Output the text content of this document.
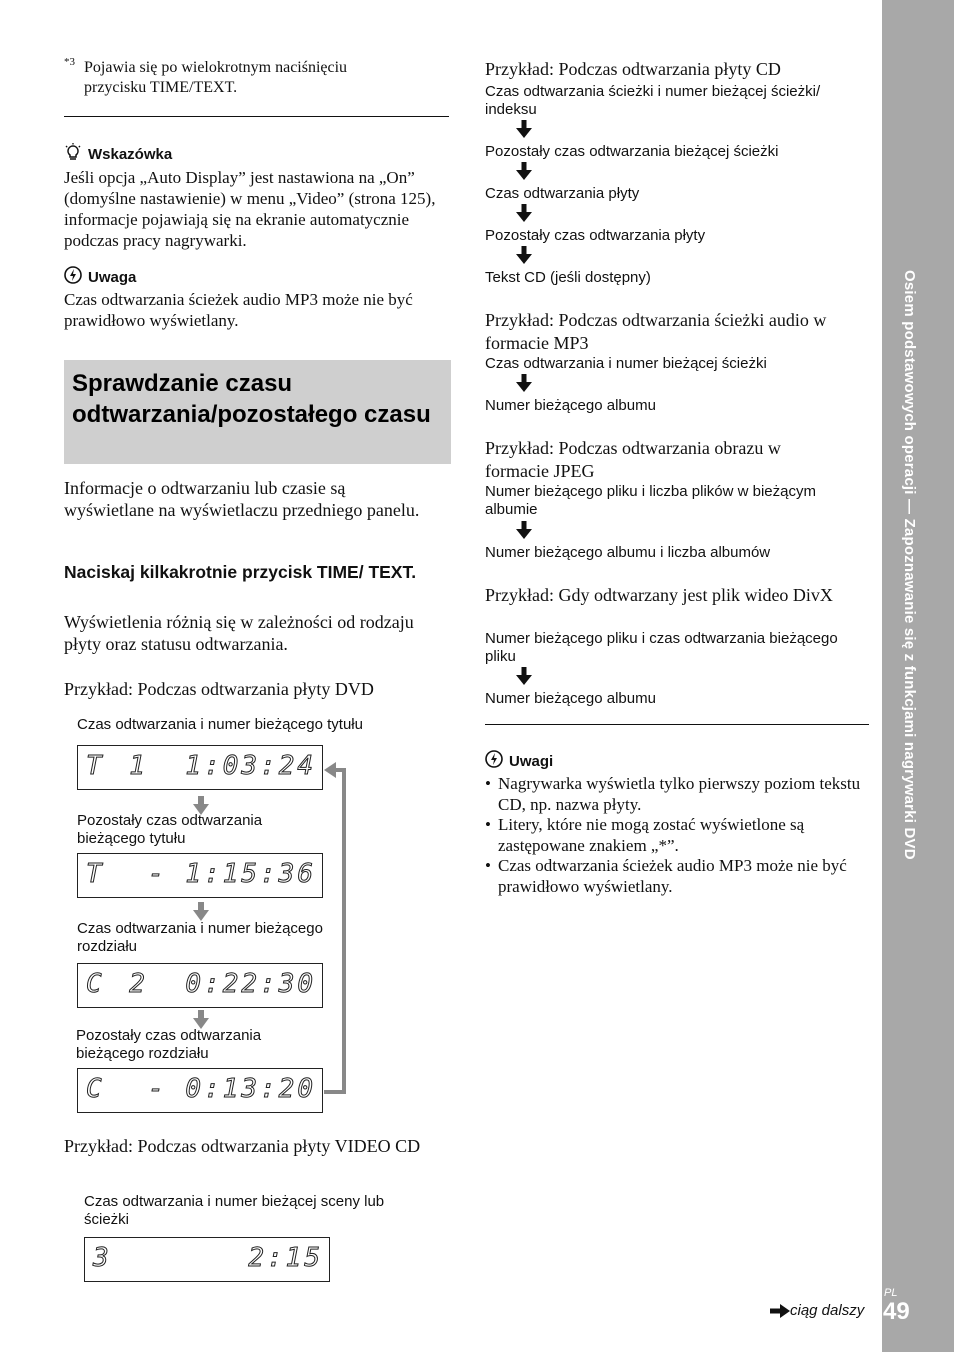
*3 Pojawia się po wielokrotnym naciśnięciu przycisku TIME/TEXT.
Wskazówka
Jeśli opcja „Auto Display” jest nastawiona na „On” (domyślne nastawienie) w menu „Video” (strona 125), informacje pojawiają się na ekranie automatycznie podczas pracy nagrywarki.
Uwaga
Czas odtwarzania ścieżek audio MP3 może nie być prawidłowo wyświetlany.
Sprawdzanie czasu odtwarzania/pozostałego czasu
Informacje o odtwarzaniu lub czasie są wyświetlane na wyświetlaczu przedniego panelu.
Naciskaj kilkakrotnie przycisk TIME/ TEXT.
Wyświetlenia różnią się w zależności od rodzaju płyty oraz statusu odtwarzania.
Przykład: Podczas odtwarzania płyty DVD
Czas odtwarzania i numer bieżącego tytułu
T 1 1:03:24
Pozostały czas odtwarzania bieżącego tytułu
T - 1:15:36
Czas odtwarzania i numer bieżącego rozdziału
C 2 0:22:30
Pozostały czas odtwarzania bieżącego rozdziału
C - 0:13:20
Przykład: Podczas odtwarzania płyty VIDEO CD
Czas odtwarzania i numer bieżącej sceny lub ścieżki
3	2:15
Przykład: Podczas odtwarzania płyty CD
Czas odtwarzania ścieżki i numer bieżącej ścieżki/ indeksu
Pozostały czas odtwarzania bieżącej ścieżki
Czas odtwarzania płyty
Pozostały czas odtwarzania płyty
Tekst CD (jeśli dostępny)
Przykład: Podczas odtwarzania ścieżki audio w formacie MP3
Czas odtwarzania i numer bieżącej ścieżki
Numer bieżącego albumu
Przykład: Podczas odtwarzania obrazu w formacie JPEG
Numer bieżącego pliku i liczba plików w bieżącym albumie
Numer bieżącego albumu i liczba albumów
Przykład: Gdy odtwarzany jest plik wideo DivX
Numer bieżącego pliku i czas odtwarzania bieżącego pliku
Numer bieżącego albumu
Uwagi
• Nagrywarka wyświetla tylko pierwszy poziom tekstu CD, np. nazwa płyty.
• Litery, które nie mogą zostać wyświetlone są zastępowane znakiem „*”.
• Czas odtwarzania ścieżek audio MP3 może nie być prawidłowo wyświetlany.
ciąg dalszy
Osiem podstawowych operacji — Zapoznawanie się z funkcjami nagrywarki DVD
PL
49
